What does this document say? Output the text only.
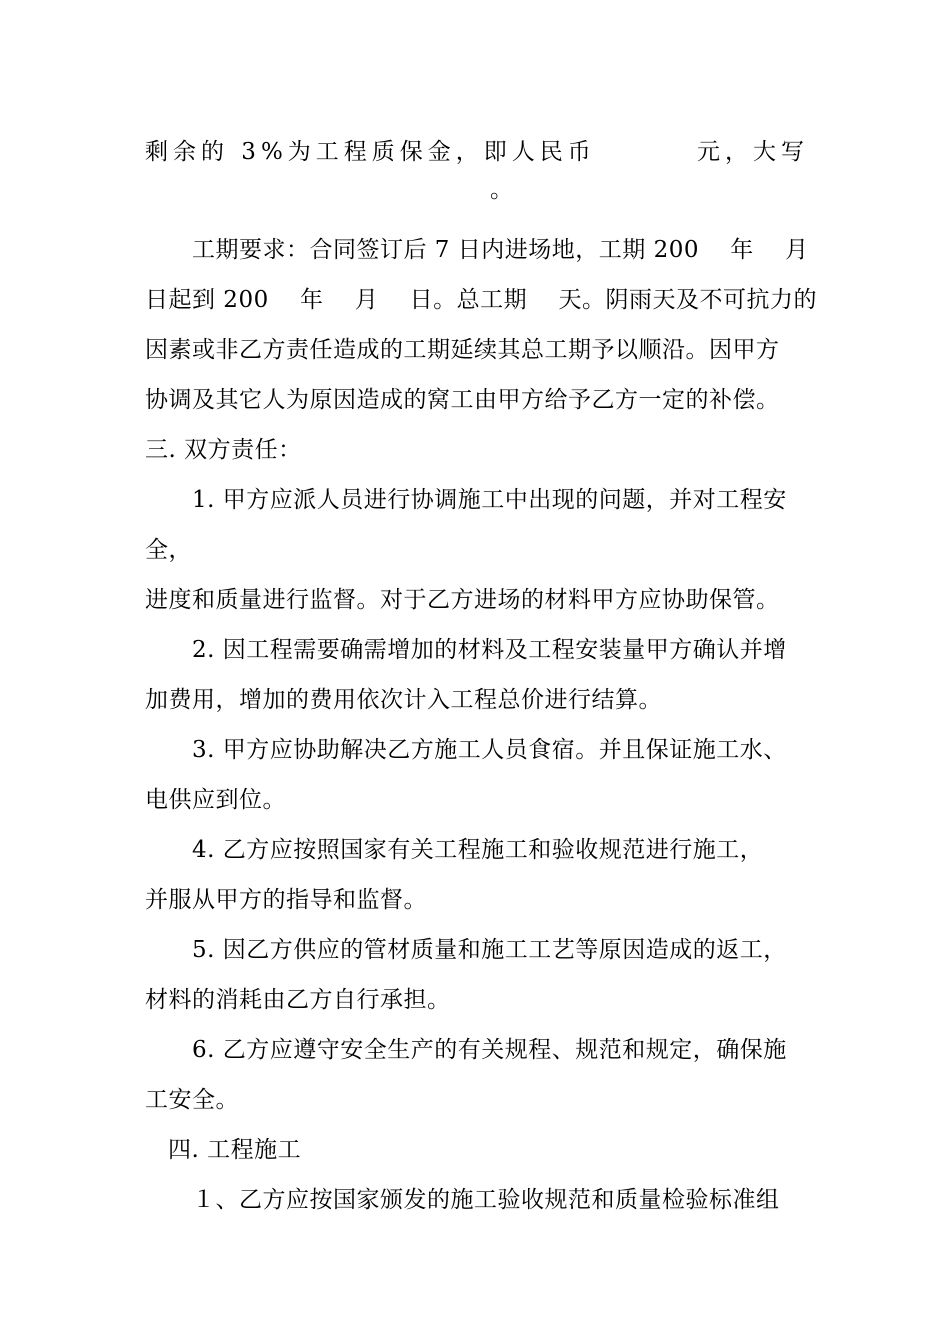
剩余的 3%为工程质保金，即人民币	元，大写
。
工期要求：合同签订后 7 日内进场地，工期 200　 年　 月
日起到 200　 年　 月　 日。总工期　 天。阴雨天及不可抗力的
因素或非乙方责任造成的工期延续其总工期予以顺沿。因甲方
协调及其它人为原因造成的窝工由甲方给予乙方一定的补偿。
三. 双方责任：
1. 甲方应派人员进行协调施工中出现的问题，并对工程安
全，
进度和质量进行监督。对于乙方进场的材料甲方应协助保管。
2. 因工程需要确需增加的材料及工程安装量甲方确认并增
加费用，增加的费用依次计入工程总价进行结算。
3. 甲方应协助解决乙方施工人员食宿。并且保证施工水、
电供应到位。
4. 乙方应按照国家有关工程施工和验收规范进行施工，
并服从甲方的指导和监督。
5. 因乙方供应的管材质量和施工工艺等原因造成的返工，
材料的消耗由乙方自行承担。
6. 乙方应遵守安全生产的有关规程、规范和规定，确保施
工安全。
四. 工程施工
１、乙方应按国家颁发的施工验收规范和质量检验标准组
